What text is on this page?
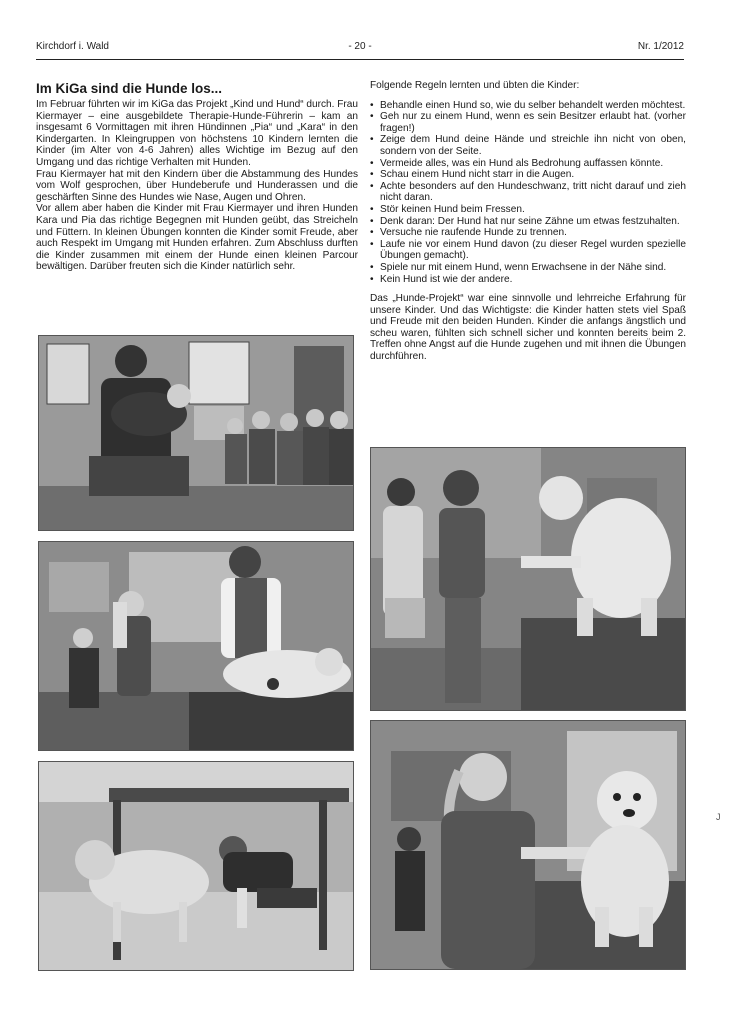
Kirchdorf i. Wald	- 20 -	Nr. 1/2012
Im KiGa sind die Hunde los...

Im Februar führten wir im KiGa das Projekt „Kind und Hund“ durch. Frau Kiermayer – eine ausgebildete Therapie-Hunde-Führerin – kam an insgesamt 6 Vormittagen mit ihren Hündinnen „Pia“ und „Kara“ in den Kindergarten. In Kleingruppen von höchstens 10 Kindern lernten die Kinder (im Alter von 4-6 Jahren) alles Wichtige im Bezug auf den Umgang und das richtige Verhalten mit Hunden.

Frau Kiermayer hat mit den Kindern über die Abstammung des Hundes vom Wolf gesprochen, über Hundeberufe und Hunderassen und die geschärften Sinne des Hundes wie Nase, Augen und Ohren.

Vor allem aber haben die Kinder mit Frau Kiermayer und ihren Hunden Kara und Pia das richtige Begegnen mit Hunden geübt, das Streicheln und Füttern. In kleinen Übungen konnten die Kinder somit Freude, aber auch Respekt im Umgang mit Hunden erfahren. Zum Abschluss durften die Kinder zusammen mit einem der Hunde einen kleinen Parcour bewältigen. Darüber freuten sich die Kinder natürlich sehr.

Folgende Regeln lernten und übten die Kinder:

• Behandle einen Hund so, wie du selber behandelt werden möchtest.
• Geh nur zu einem Hund, wenn es sein Besitzer erlaubt hat. (vorher fragen!)
• Zeige dem Hund deine Hände und streichle ihn nicht von oben, sondern von der Seite.
• Vermeide alles, was ein Hund als Bedrohung auffassen könnte.
• Schau einem Hund nicht starr in die Augen.
• Achte besonders auf den Hundeschwanz, tritt nicht darauf und zieh nicht daran.
• Stör keinen Hund beim Fressen.
• Denk daran: Der Hund hat nur seine Zähne um etwas festzuhalten.
• Versuche nie raufende Hunde zu trennen.
• Laufe nie vor einem Hund davon (zu dieser Regel wurden spezielle Übungen gemacht).
• Spiele nur mit einem Hund, wenn Erwachsene in der Nähe sind.
• Kein Hund ist wie der andere.

Das „Hunde-Projekt“ war eine sinnvolle und lehrreiche Erfahrung für unsere Kinder. Und das Wichtigste: die Kinder hatten stets viel Spaß und Freude mit den beiden Hunden. Kinder die anfangs ängstlich und scheu waren, fühlten sich schnell sicher und konnten bereits beim 2. Treffen ohne Angst auf die Hunde zugehen und mit ihnen die Übungen durchführen.

J
